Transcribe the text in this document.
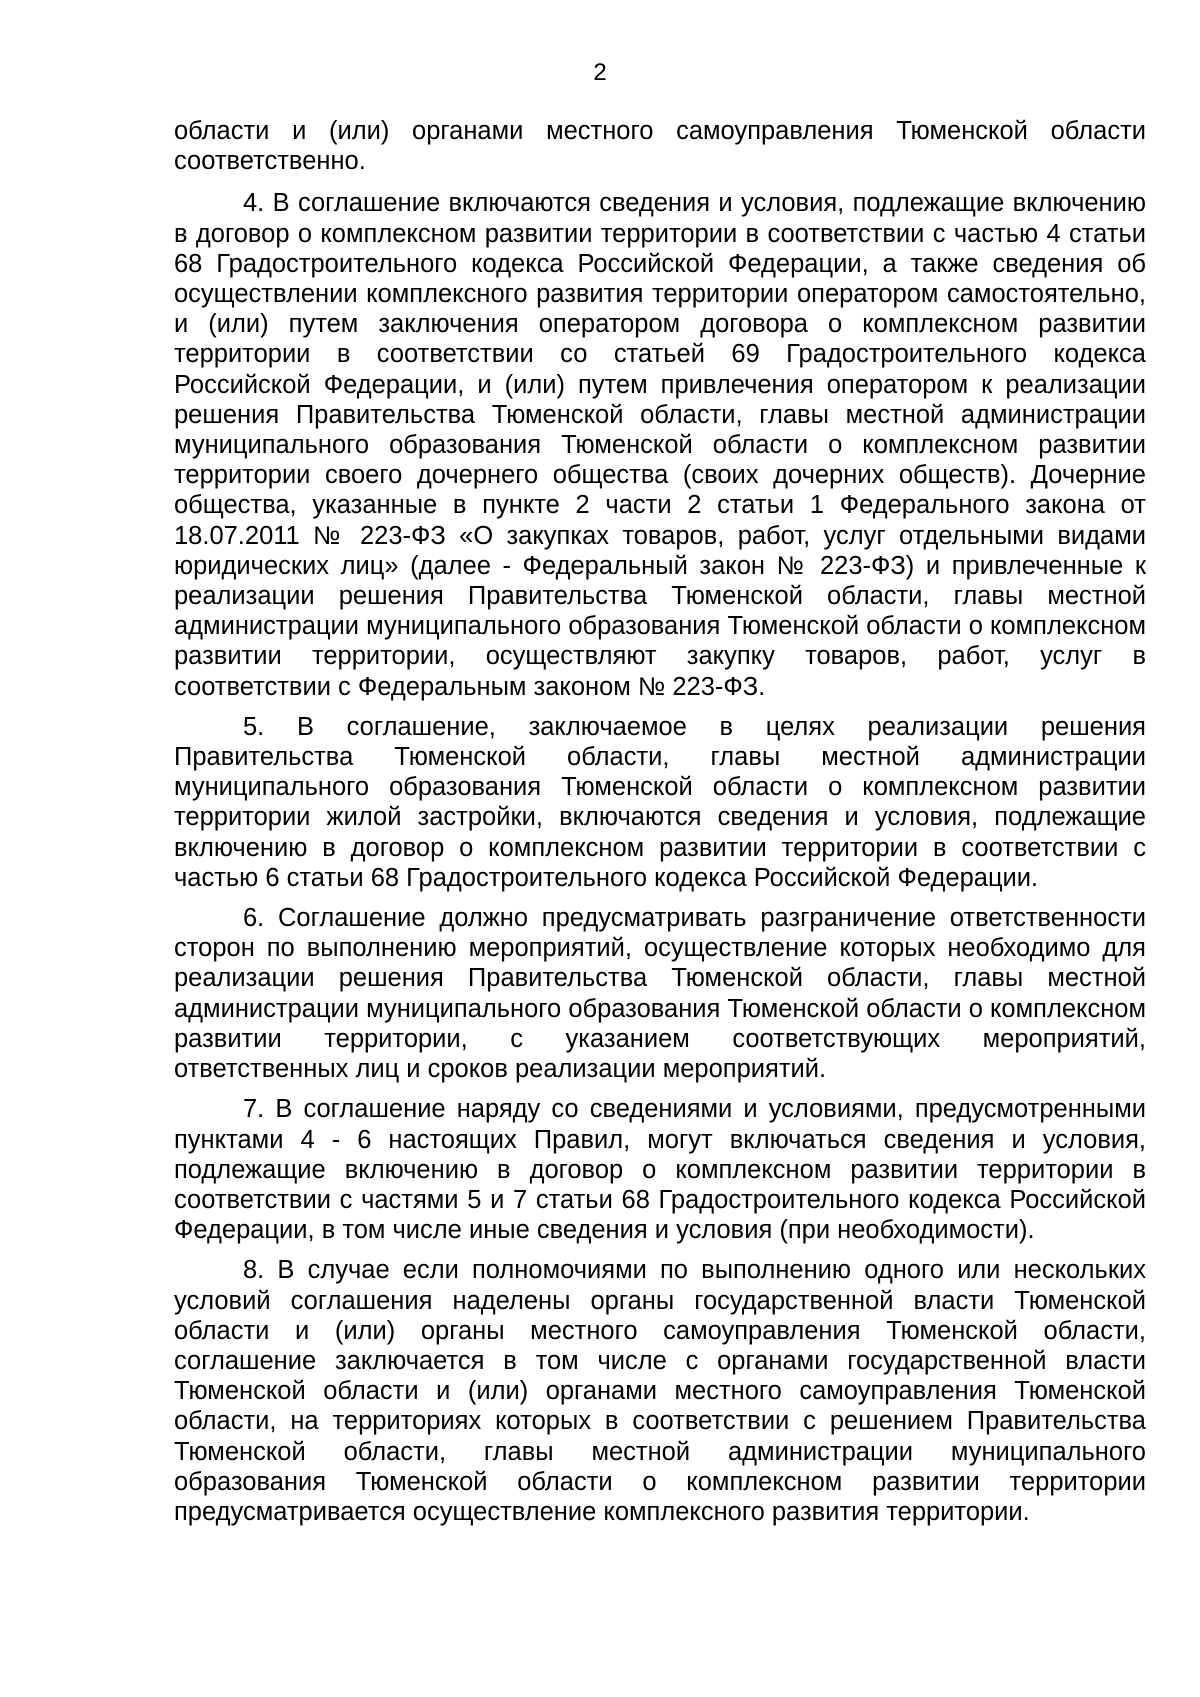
2

области и (или) органами местного самоуправления Тюменской области соответственно.

4. В соглашение включаются сведения и условия, подлежащие включению в договор о комплексном развитии территории в соответствии с частью 4 статьи 68 Градостроительного кодекса Российской Федерации, а также сведения об осуществлении комплексного развития территории оператором самостоятельно, и (или) путем заключения оператором договора о комплексном развитии территории в соответствии со статьей 69 Градостроительного кодекса Российской Федерации, и (или) путем привлечения оператором к реализации решения Правительства Тюменской области, главы местной администрации муниципального образования Тюменской области о комплексном развитии территории своего дочернего общества (своих дочерних обществ). Дочерние общества, указанные в пункте 2 части 2 статьи 1 Федерального закона от 18.07.2011 № 223-ФЗ «О закупках товаров, работ, услуг отдельными видами юридических лиц» (далее - Федеральный закон № 223-ФЗ) и привлеченные к реализации решения Правительства Тюменской области, главы местной администрации муниципального образования Тюменской области о комплексном развитии территории, осуществляют закупку товаров, работ, услуг в соответствии с Федеральным законом № 223-ФЗ.

5. В соглашение, заключаемое в целях реализации решения Правительства Тюменской области, главы местной администрации муниципального образования Тюменской области о комплексном развитии территории жилой застройки, включаются сведения и условия, подлежащие включению в договор о комплексном развитии территории в соответствии с частью 6 статьи 68 Градостроительного кодекса Российской Федерации.

6. Соглашение должно предусматривать разграничение ответственности сторон по выполнению мероприятий, осуществление которых необходимо для реализации решения Правительства Тюменской области, главы местной администрации муниципального образования Тюменской области о комплексном развитии территории, с указанием соответствующих мероприятий, ответственных лиц и сроков реализации мероприятий.

7. В соглашение наряду со сведениями и условиями, предусмотренными пунктами 4 - 6 настоящих Правил, могут включаться сведения и условия, подлежащие включению в договор о комплексном развитии территории в соответствии с частями 5 и 7 статьи 68 Градостроительного кодекса Российской Федерации, в том числе иные сведения и условия (при необходимости).

8. В случае если полномочиями по выполнению одного или нескольких условий соглашения наделены органы государственной власти Тюменской области и (или) органы местного самоуправления Тюменской области, соглашение заключается в том числе с органами государственной власти Тюменской области и (или) органами местного самоуправления Тюменской области, на территориях которых в соответствии с решением Правительства Тюменской области, главы местной администрации муниципального образования Тюменской области о комплексном развитии территории предусматривается осуществление комплексного развития территории.
